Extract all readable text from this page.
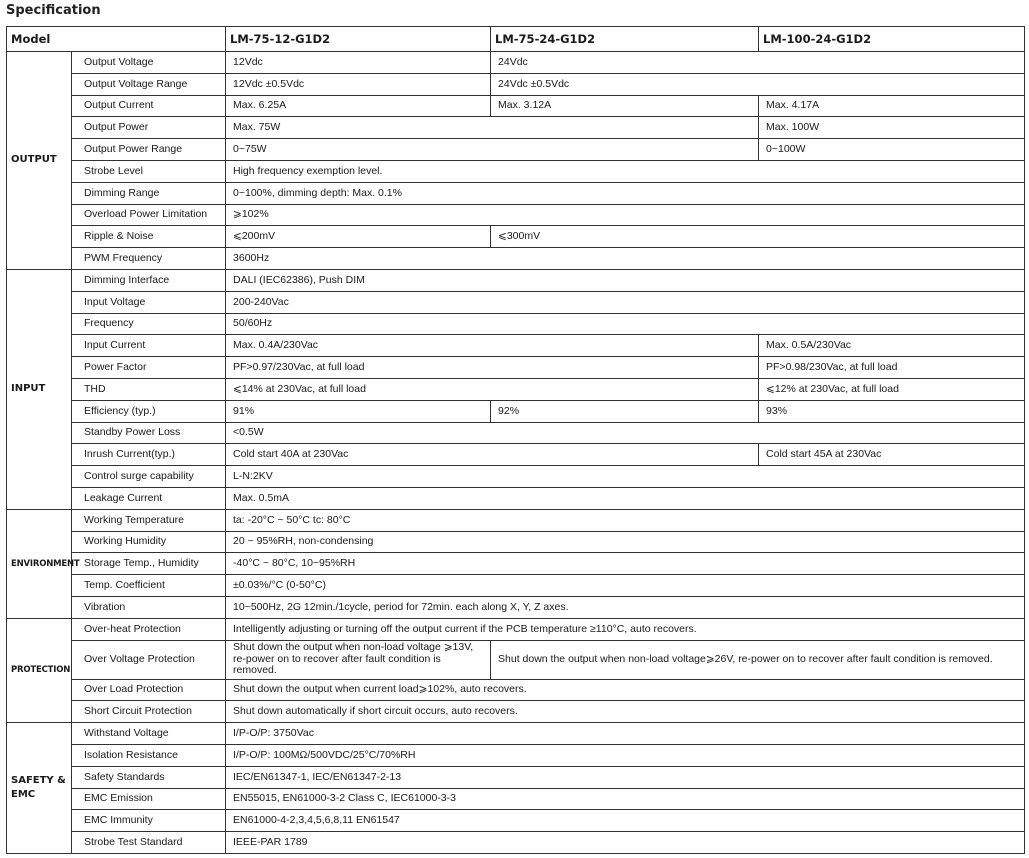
Specification
Model		LM-75-12-G1D2	LM-75-24-G1D2	LM-100-24-G1D2
OUTPUT	Output Voltage	12Vdc	24Vdc	
	Output Voltage Range	12Vdc ±0.5Vdc	24Vdc ±0.5Vdc	
	Output Current	Max. 6.25A	Max. 3.12A	Max. 4.17A
	Output Power	Max. 75W		Max. 100W
	Output Power Range	0~75W		0~100W
	Strobe Level	High frequency exemption level.		
	Dimming Range	0~100%, dimming depth: Max. 0.1%		
	Overload Power Limitation	⩾102%		
	Ripple & Noise	⩽200mV	⩽300mV	
	PWM Frequency	3600Hz		
INPUT	Dimming Interface	DALI (IEC62386), Push DIM		
	Input Voltage	200-240Vac		
	Frequency	50/60Hz		
	Input Current	Max. 0.4A/230Vac		Max. 0.5A/230Vac
	Power Factor	PF>0.97/230Vac, at full load		PF>0.98/230Vac, at full load
	THD	⩽14% at 230Vac, at full load		⩽12% at 230Vac, at full load
	Efficiency (typ.)	91%	92%	93%
	Standby Power Loss	<0.5W		
	Inrush Current(typ.)	Cold start 40A at 230Vac		Cold start 45A at 230Vac
	Control surge capability	L-N:2KV		
	Leakage Current	Max. 0.5mA		
ENVIRONMENT	Working Temperature	ta: -20°C ~ 50°C tc: 80°C		
	Working Humidity	20 ~ 95%RH, non-condensing		
	Storage Temp., Humidity	-40°C ~ 80°C, 10~95%RH		
	Temp. Coefficient	±0.03%/°C (0-50°C)		
	Vibration	10~500Hz, 2G 12min./1cycle, period for 72min. each along X, Y, Z axes.		
PROTECTION	Over-heat Protection	Intelligently adjusting or turning off the output current if the PCB temperature ≥110°C, auto recovers.		
	Over Voltage Protection	Shut down the output when non-load voltage ⩾13V, re-power on to recover after fault condition is removed.	Shut down the output when non-load voltage⩾26V, re-power on to recover after fault condition is removed.	
	Over Load Protection	Shut down the output when current load⩾102%, auto recovers.		
	Short Circuit Protection	Shut down automatically if short circuit occurs, auto recovers.		
SAFETY & EMC	Withstand Voltage	I/P-O/P: 3750Vac		
	Isolation Resistance	I/P-O/P: 100MΩ/500VDC/25°C/70%RH		
	Safety Standards	IEC/EN61347-1, IEC/EN61347-2-13		
	EMC Emission	EN55015, EN61000-3-2 Class C, IEC61000-3-3		
	EMC Immunity	EN61000-4-2,3,4,5,6,8,11 EN61547		
	Strobe Test Standard	IEEE-PAR 1789		
